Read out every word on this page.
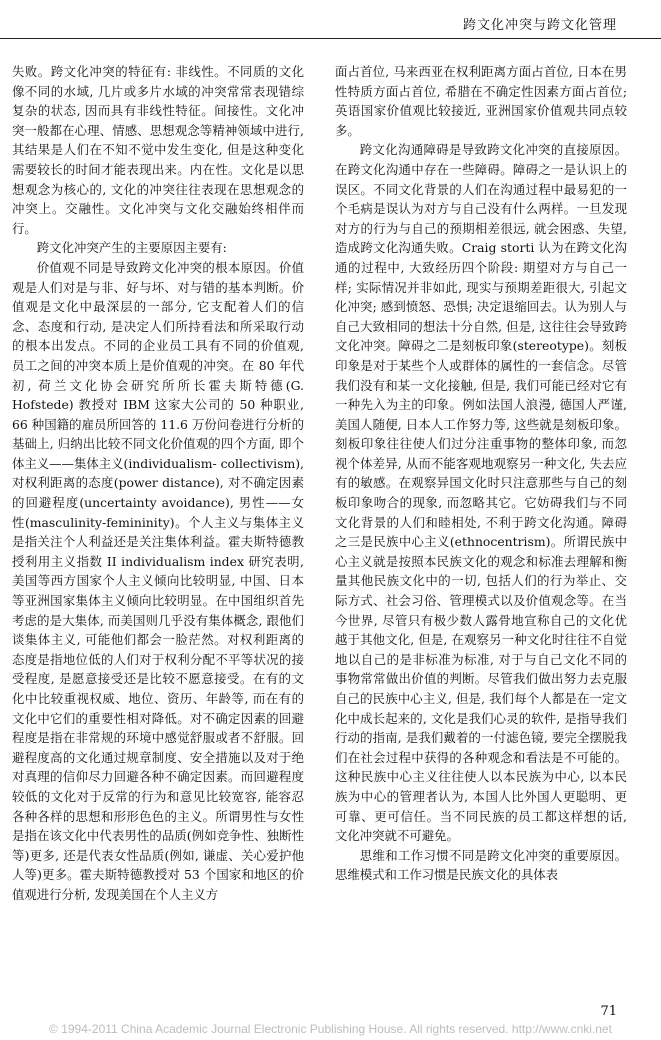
跨文化冲突与跨文化管理

失败。跨文化冲突的特征有: 非线性。不同质的文化像不同的水域, 几片或多片水域的冲突常常表现错综复杂的状态, 因而具有非线性特征。间接性。文化冲突一般都在心理、情感、思想观念等精神领域中进行, 其结果是人们在不知不觉中发生变化, 但是这种变化需要较长的时间才能表现出来。内在性。文化是以思想观念为核心的, 文化的冲突往往表现在思想观念的冲突上。交融性。文化冲突与文化交融始终相伴而行。

跨文化冲突产生的主要原因主要有:

价值观不同是导致跨文化冲突的根本原因。价值观是人们对是与非、好与坏、对与错的基本判断。价值观是文化中最深层的一部分, 它支配着人们的信念、态度和行动, 是决定人们所持看法和所采取行动的根本出发点。不同的企业员工具有不同的价值观, 员工之间的冲突本质上是价值观的冲突。在 80 年代初, 荷兰文化协会研究所所长霍夫斯特德(G. Hofstede) 教授对 IBM 这家大公司的 50 种职业, 66 种国籍的雇员所回答的 11.6 万份问卷进行分析的基础上, 归纳出比较不同文化价值观的四个方面, 即个体主义——集体主义(individualism- collectivism), 对权利距离的态度(power distance), 对不确定因素的回避程度(uncertainty avoidance), 男性——女性(masculinity-femininity)。个人主义与集体主义是指关注个人利益还是关注集体利益。霍夫斯特德教授利用主义指数 II individualism index 研究表明, 美国等西方国家个人主义倾向比较明显, 中国、日本等亚洲国家集体主义倾向比较明显。在中国组织首先考虑的是大集体, 而美国则几乎没有集体概念, 跟他们谈集体主义, 可能他们都会一脸茫然。对权利距离的态度是指地位低的人们对于权利分配不平等状况的接受程度, 是愿意接受还是比较不愿意接受。在有的文化中比较重视权威、地位、资历、年龄等, 而在有的文化中它们的重要性相对降低。对不确定因素的回避程度是指在非常规的环境中感觉舒服或者不舒服。回避程度高的文化通过规章制度、安全措施以及对于绝对真理的信仰尽力回避各种不确定因素。而回避程度较低的文化对于反常的行为和意见比较宽容, 能容忍各种各样的思想和形形色色的主义。所谓男性与女性是指在该文化中代表男性的品质(例如竞争性、独断性等)更多, 还是代表女性品质(例如, 谦虚、关心爱护他人等)更多。霍夫斯特德教授对 53 个国家和地区的价值观进行分析, 发现美国在个人主义方

面占首位, 马来西亚在权利距离方面占首位, 日本在男性特质方面占首位, 希腊在不确定性因素方面占首位; 英语国家价值观比较接近, 亚洲国家价值观共同点较多。

跨文化沟通障碍是导致跨文化冲突的直接原因。在跨文化沟通中存在一些障碍。障碍之一是认识上的误区。不同文化背景的人们在沟通过程中最易犯的一个毛病是误认为对方与自己没有什么两样。一旦发现对方的行为与自己的预期相差很远, 就会困惑、失望, 造成跨文化沟通失败。Craig storti 认为在跨文化沟通的过程中, 大致经历四个阶段: 期望对方与自己一样; 实际情况并非如此, 现实与预期差距很大, 引起文化冲突; 感到愤怒、恐惧; 决定退缩回去。认为别人与自己大致相同的想法十分自然, 但是, 这往往会导致跨文化冲突。障碍之二是刻板印象(stereotype)。刻板印象是对于某些个人或群体的属性的一套信念。尽管我们没有和某一文化接触, 但是, 我们可能已经对它有一种先入为主的印象。例如法国人浪漫, 德国人严谨, 美国人随便, 日本人工作努力等, 这些就是刻板印象。刻板印象往往使人们过分注重事物的整体印象, 而忽视个体差异, 从而不能客观地观察另一种文化, 失去应有的敏感。在观察异国文化时只注意那些与自己的刻板印象吻合的现象, 而忽略其它。它妨碍我们与不同文化背景的人们和睦相处, 不利于跨文化沟通。障碍之三是民族中心主义(ethnocentrism)。所谓民族中心主义就是按照本民族文化的观念和标准去理解和衡量其他民族文化中的一切, 包括人们的行为举止、交际方式、社会习俗、管理模式以及价值观念等。在当今世界, 尽管只有极少数人露骨地宣称自己的文化优越于其他文化, 但是, 在观察另一种文化时往往不自觉地以自己的是非标准为标准, 对于与自己文化不同的事物常常做出价值的判断。尽管我们做出努力去克服自己的民族中心主义, 但是, 我们每个人都是在一定文化中成长起来的, 文化是我们心灵的软件, 是指导我们行动的指南, 是我们戴着的一付滤色镜, 要完全摆脱我们在社会过程中获得的各种观念和看法是不可能的。这种民族中心主义往往使人以本民族为中心, 以本民族为中心的管理者认为, 本国人比外国人更聪明、更可靠、更可信任。当不同民族的员工都这样想的话, 文化冲突就不可避免。

思维和工作习惯不同是跨文化冲突的重要原因。思维模式和工作习惯是民族文化的具体表

71
© 1994-2011 China Academic Journal Electronic Publishing House. All rights reserved. http://www.cnki.net
